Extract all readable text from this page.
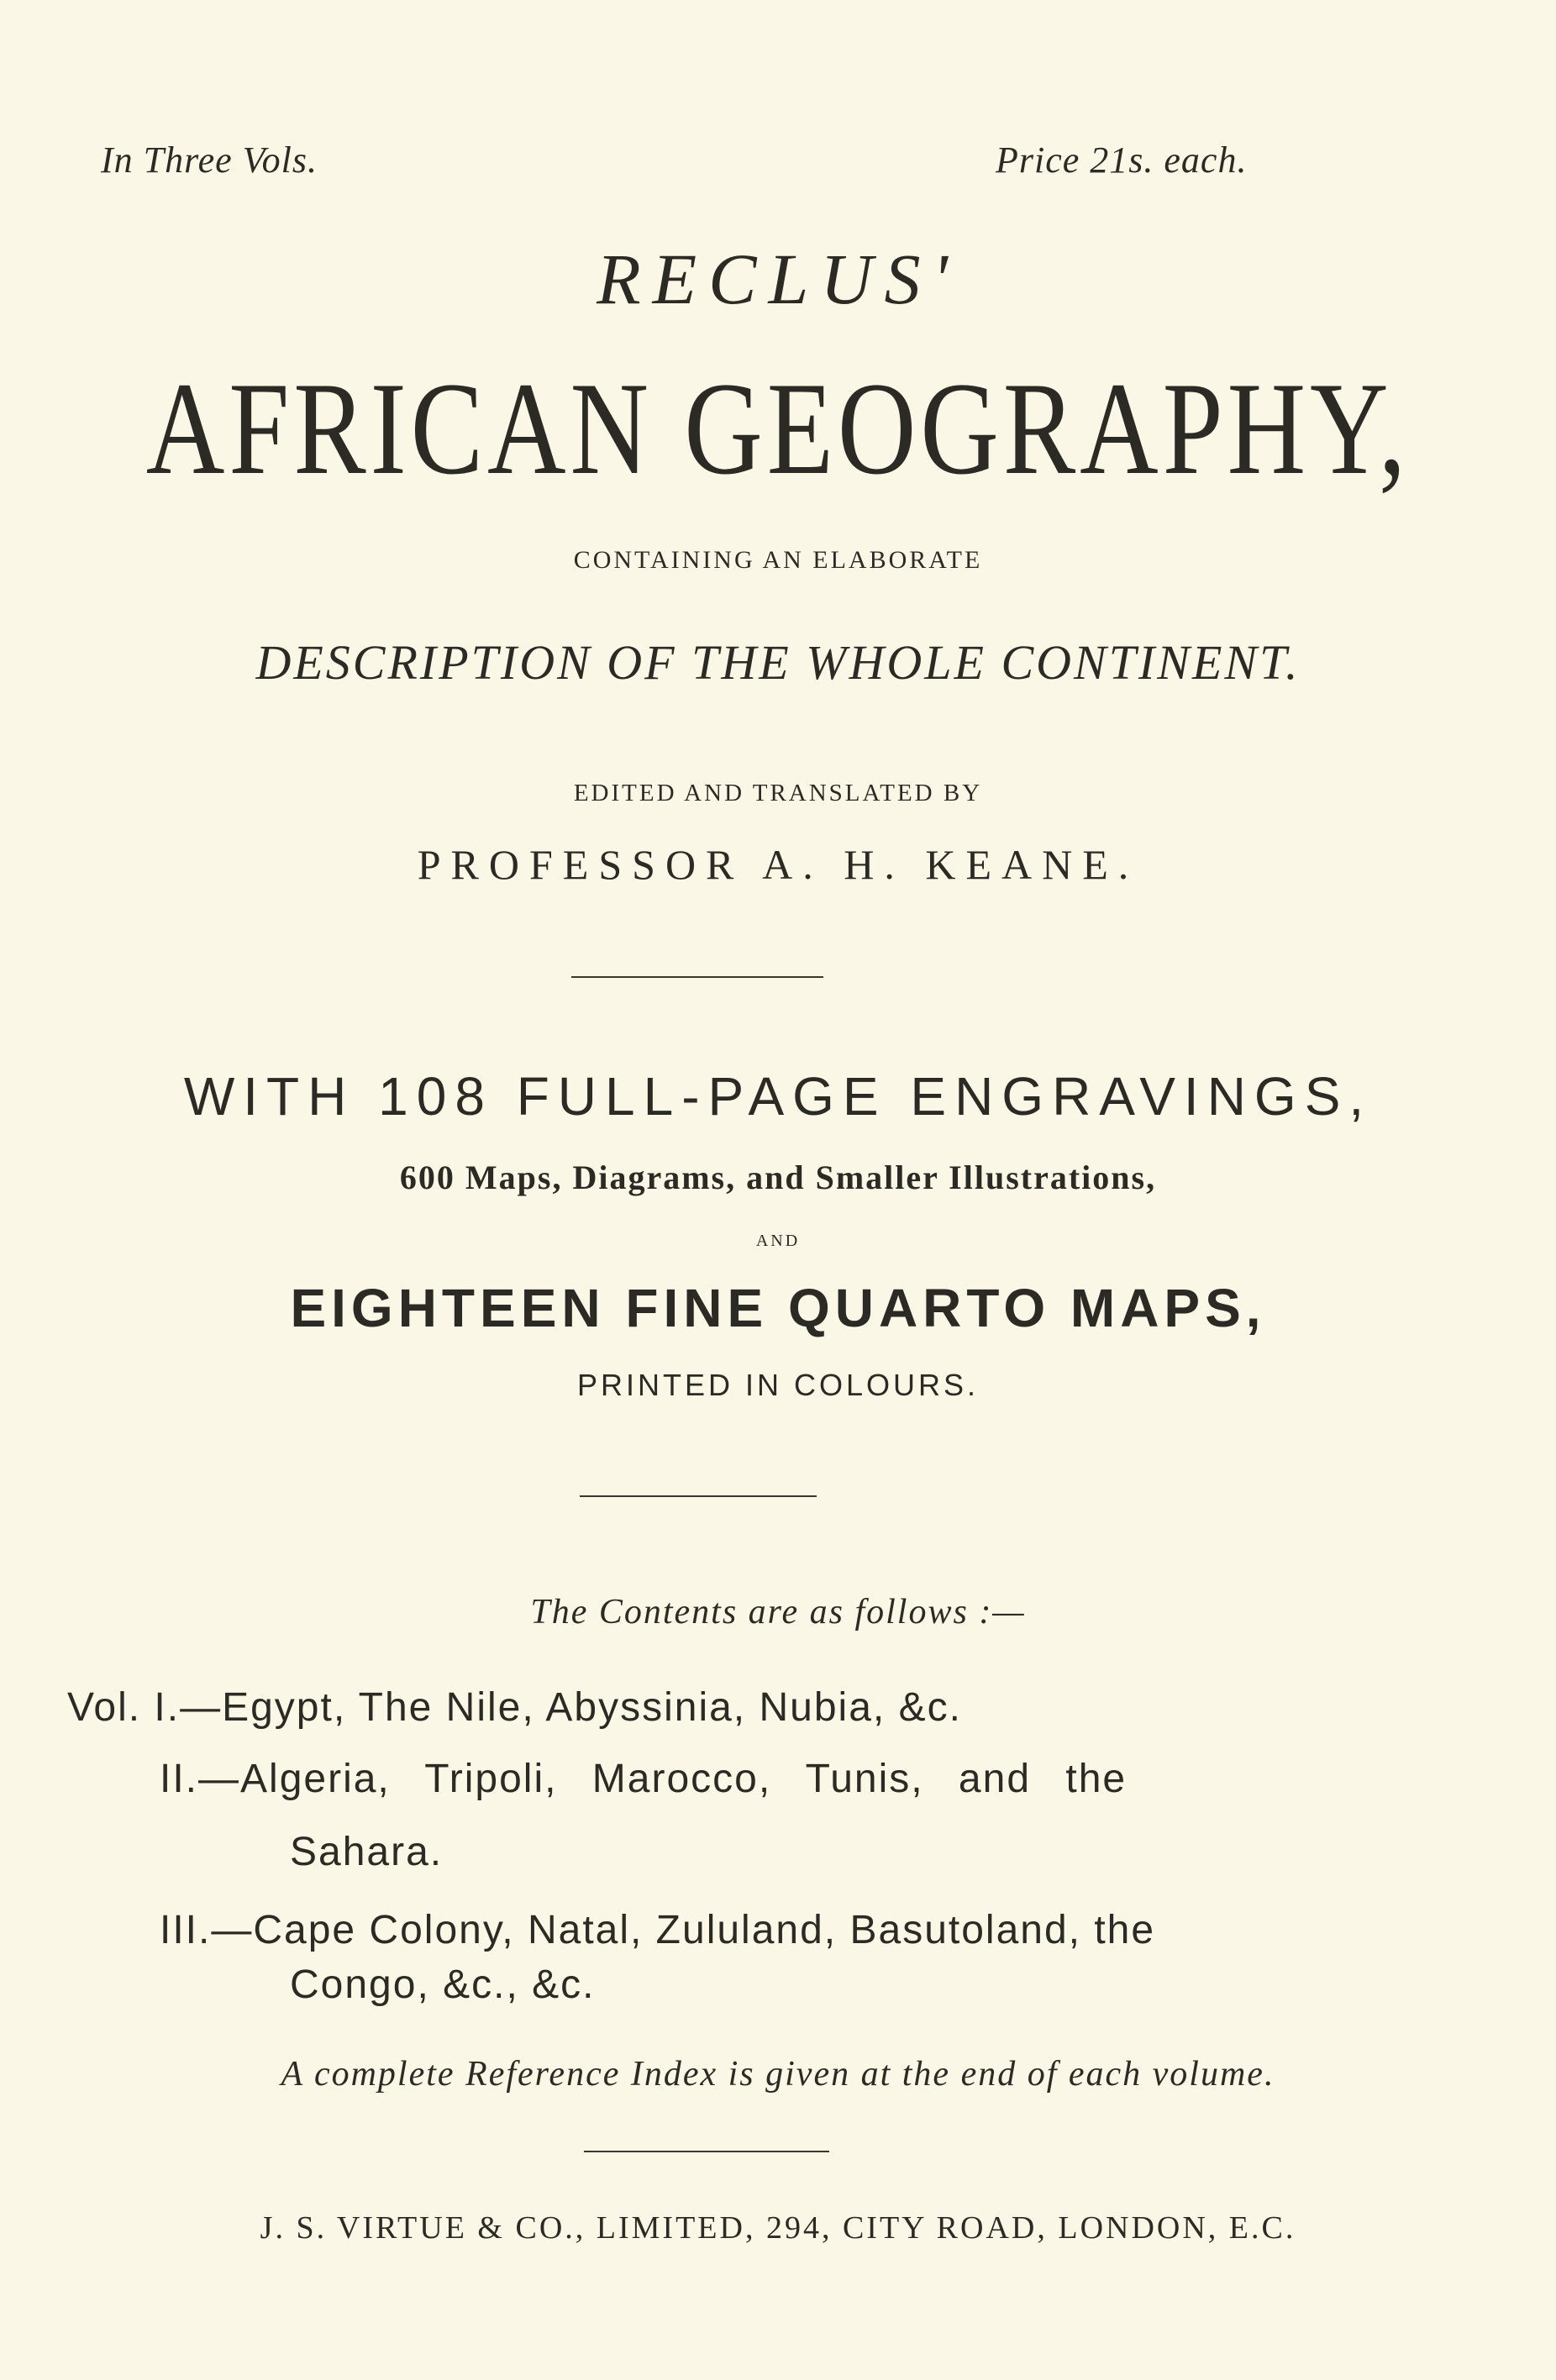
In Three Vols.	Price 21s. each.
RECLUS'
AFRICAN GEOGRAPHY,
CONTAINING AN ELABORATE
DESCRIPTION OF THE WHOLE CONTINENT.
EDITED AND TRANSLATED BY
PROFESSOR A. H. KEANE.
WITH 108 FULL-PAGE ENGRAVINGS,
600 Maps, Diagrams, and Smaller Illustrations,
AND
EIGHTEEN FINE QUARTO MAPS,
PRINTED IN COLOURS.
The Contents are as follows :—
Vol. I.—Egypt, The Nile, Abyssinia, Nubia, &c.
II.—Algeria, Tripoli, Marocco, Tunis, and the
Sahara.
III.—Cape Colony, Natal, Zululand, Basutoland, the
Congo, &c., &c.
A complete Reference Index is given at the end of each volume.
J. S. VIRTUE & CO., LIMITED, 294, CITY ROAD, LONDON, E.C.
